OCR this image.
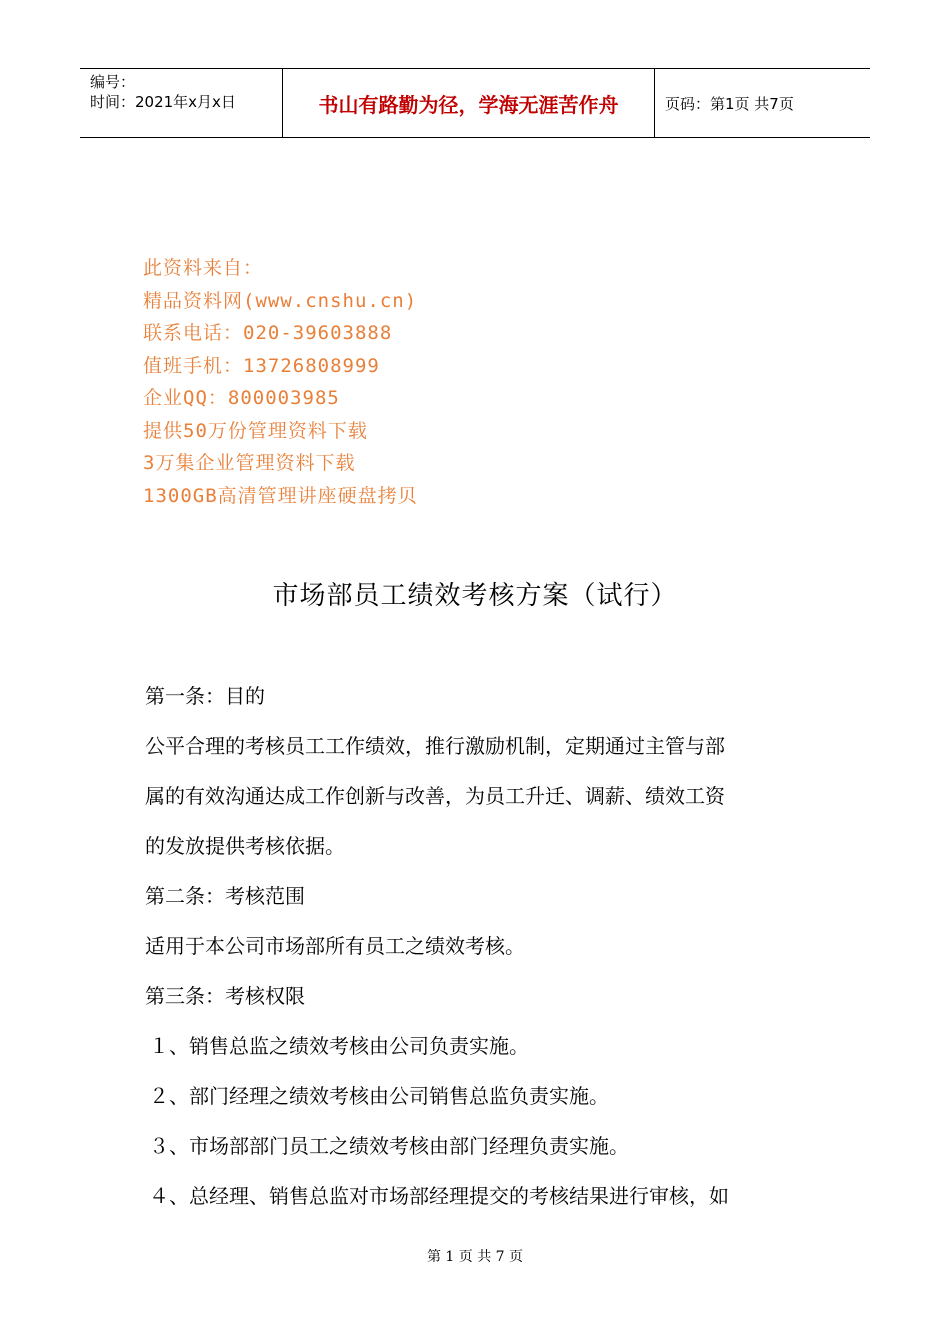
编号：
时间：2021年x月x日	书山有路勤为径，学海无涯苦作舟	页码：第1页 共7页
此资料来自：
精品资料网(www.cnshu.cn)
联系电话：020-39603888
值班手机：13726808999
企业QQ：800003985
提供50万份管理资料下载
3万集企业管理资料下载
1300GB高清管理讲座硬盘拷贝
市场部员工绩效考核方案（试行）

第一条：目的

公平合理的考核员工工作绩效，推行激励机制，定期通过主管与部

属的有效沟通达成工作创新与改善，为员工升迁、调薪、绩效工资

的发放提供考核依据。

第二条：考核范围

适用于本公司市场部所有员工之绩效考核。

第三条：考核权限

１、销售总监之绩效考核由公司负责实施。

２、部门经理之绩效考核由公司销售总监负责实施。

３、市场部部门员工之绩效考核由部门经理负责实施。

４、总经理、销售总监对市场部经理提交的考核结果进行审核，如

第 1 页 共 7 页
